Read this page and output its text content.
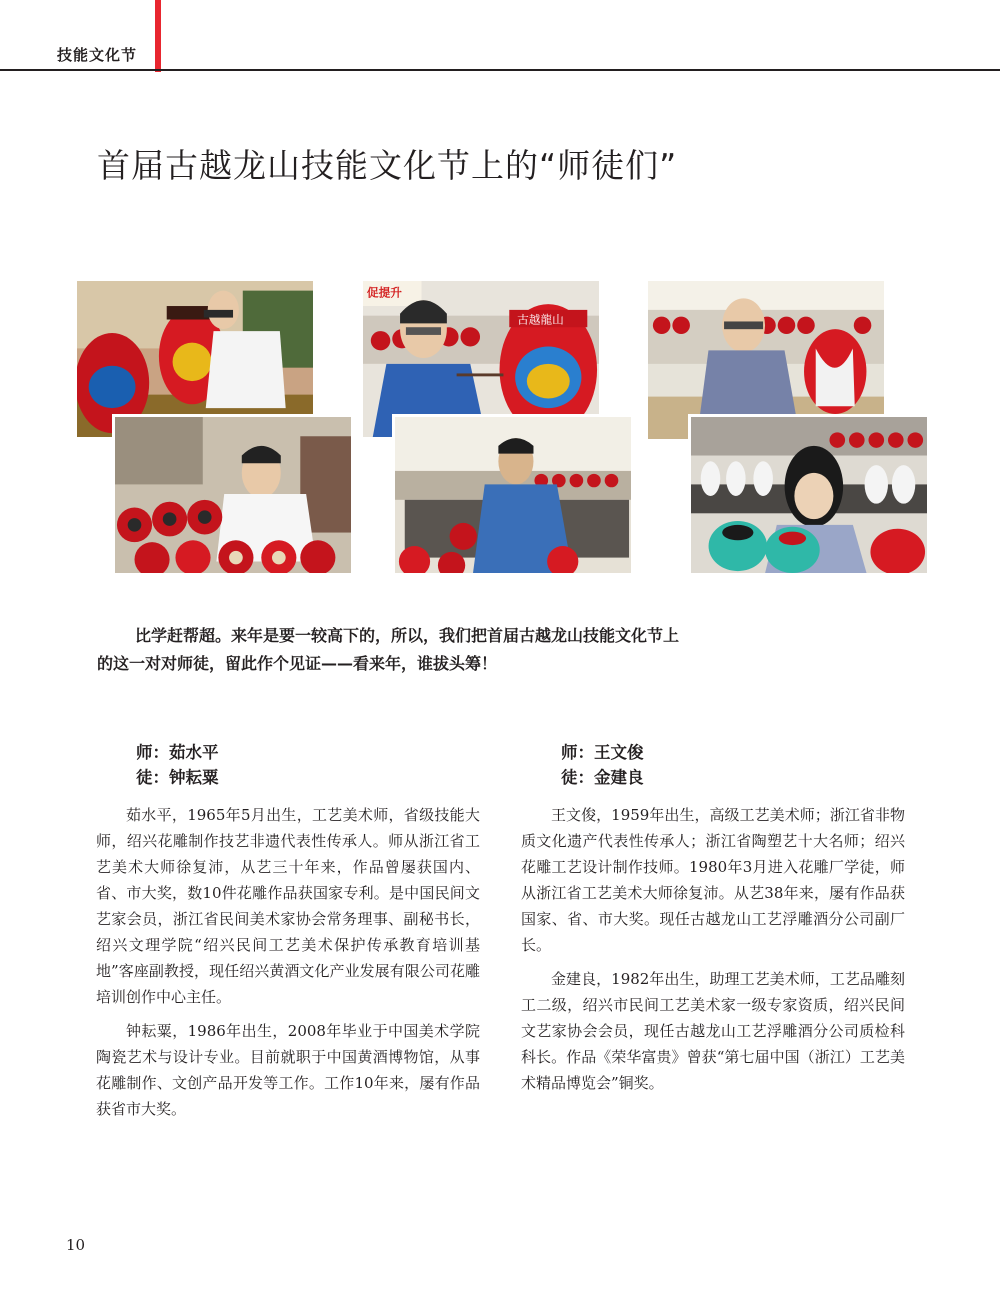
技能文化节
首届古越龙山技能文化节上的“师徒们”
促提升
古越龍山

比学赶帮超。来年是要一较高下的，所以，我们把首届古越龙山技能文化节上

的这一对对师徒，留此作个见证——看来年，谁拔头筹！

师：茹水平
徒：钟耘粟

茹水平，1965年5月出生，工艺美术师，省级技能大师，绍兴花雕制作技艺非遗代表性传承人。师从浙江省工艺美术大师徐复沛，从艺三十年来，作品曾屡获国内、省、市大奖，数10件花雕作品获国家专利。是中国民间文艺家会员，浙江省民间美术家协会常务理事、副秘书长，绍兴文理学院“绍兴民间工艺美术保护传承教育培训基地”客座副教授，现任绍兴黄酒文化产业发展有限公司花雕培训创作中心主任。

钟耘粟，1986年出生，2008年毕业于中国美术学院陶瓷艺术与设计专业。目前就职于中国黄酒博物馆，从事花雕制作、文创产品开发等工作。工作10年来，屡有作品获省市大奖。

师：王文俊
徒：金建良

王文俊，1959年出生，高级工艺美术师；浙江省非物质文化遗产代表性传承人；浙江省陶塑艺十大名师；绍兴花雕工艺设计制作技师。1980年3月进入花雕厂学徒，师从浙江省工艺美术大师徐复沛。从艺38年来，屡有作品获国家、省、市大奖。现任古越龙山工艺浮雕酒分公司副厂长。

金建良，1982年出生，助理工艺美术师，工艺品雕刻工二级，绍兴市民间工艺美术家一级专家资质，绍兴民间文艺家协会会员，现任古越龙山工艺浮雕酒分公司质检科科长。作品《荣华富贵》曾获“第七届中国（浙江）工艺美术精品博览会”铜奖。

10
